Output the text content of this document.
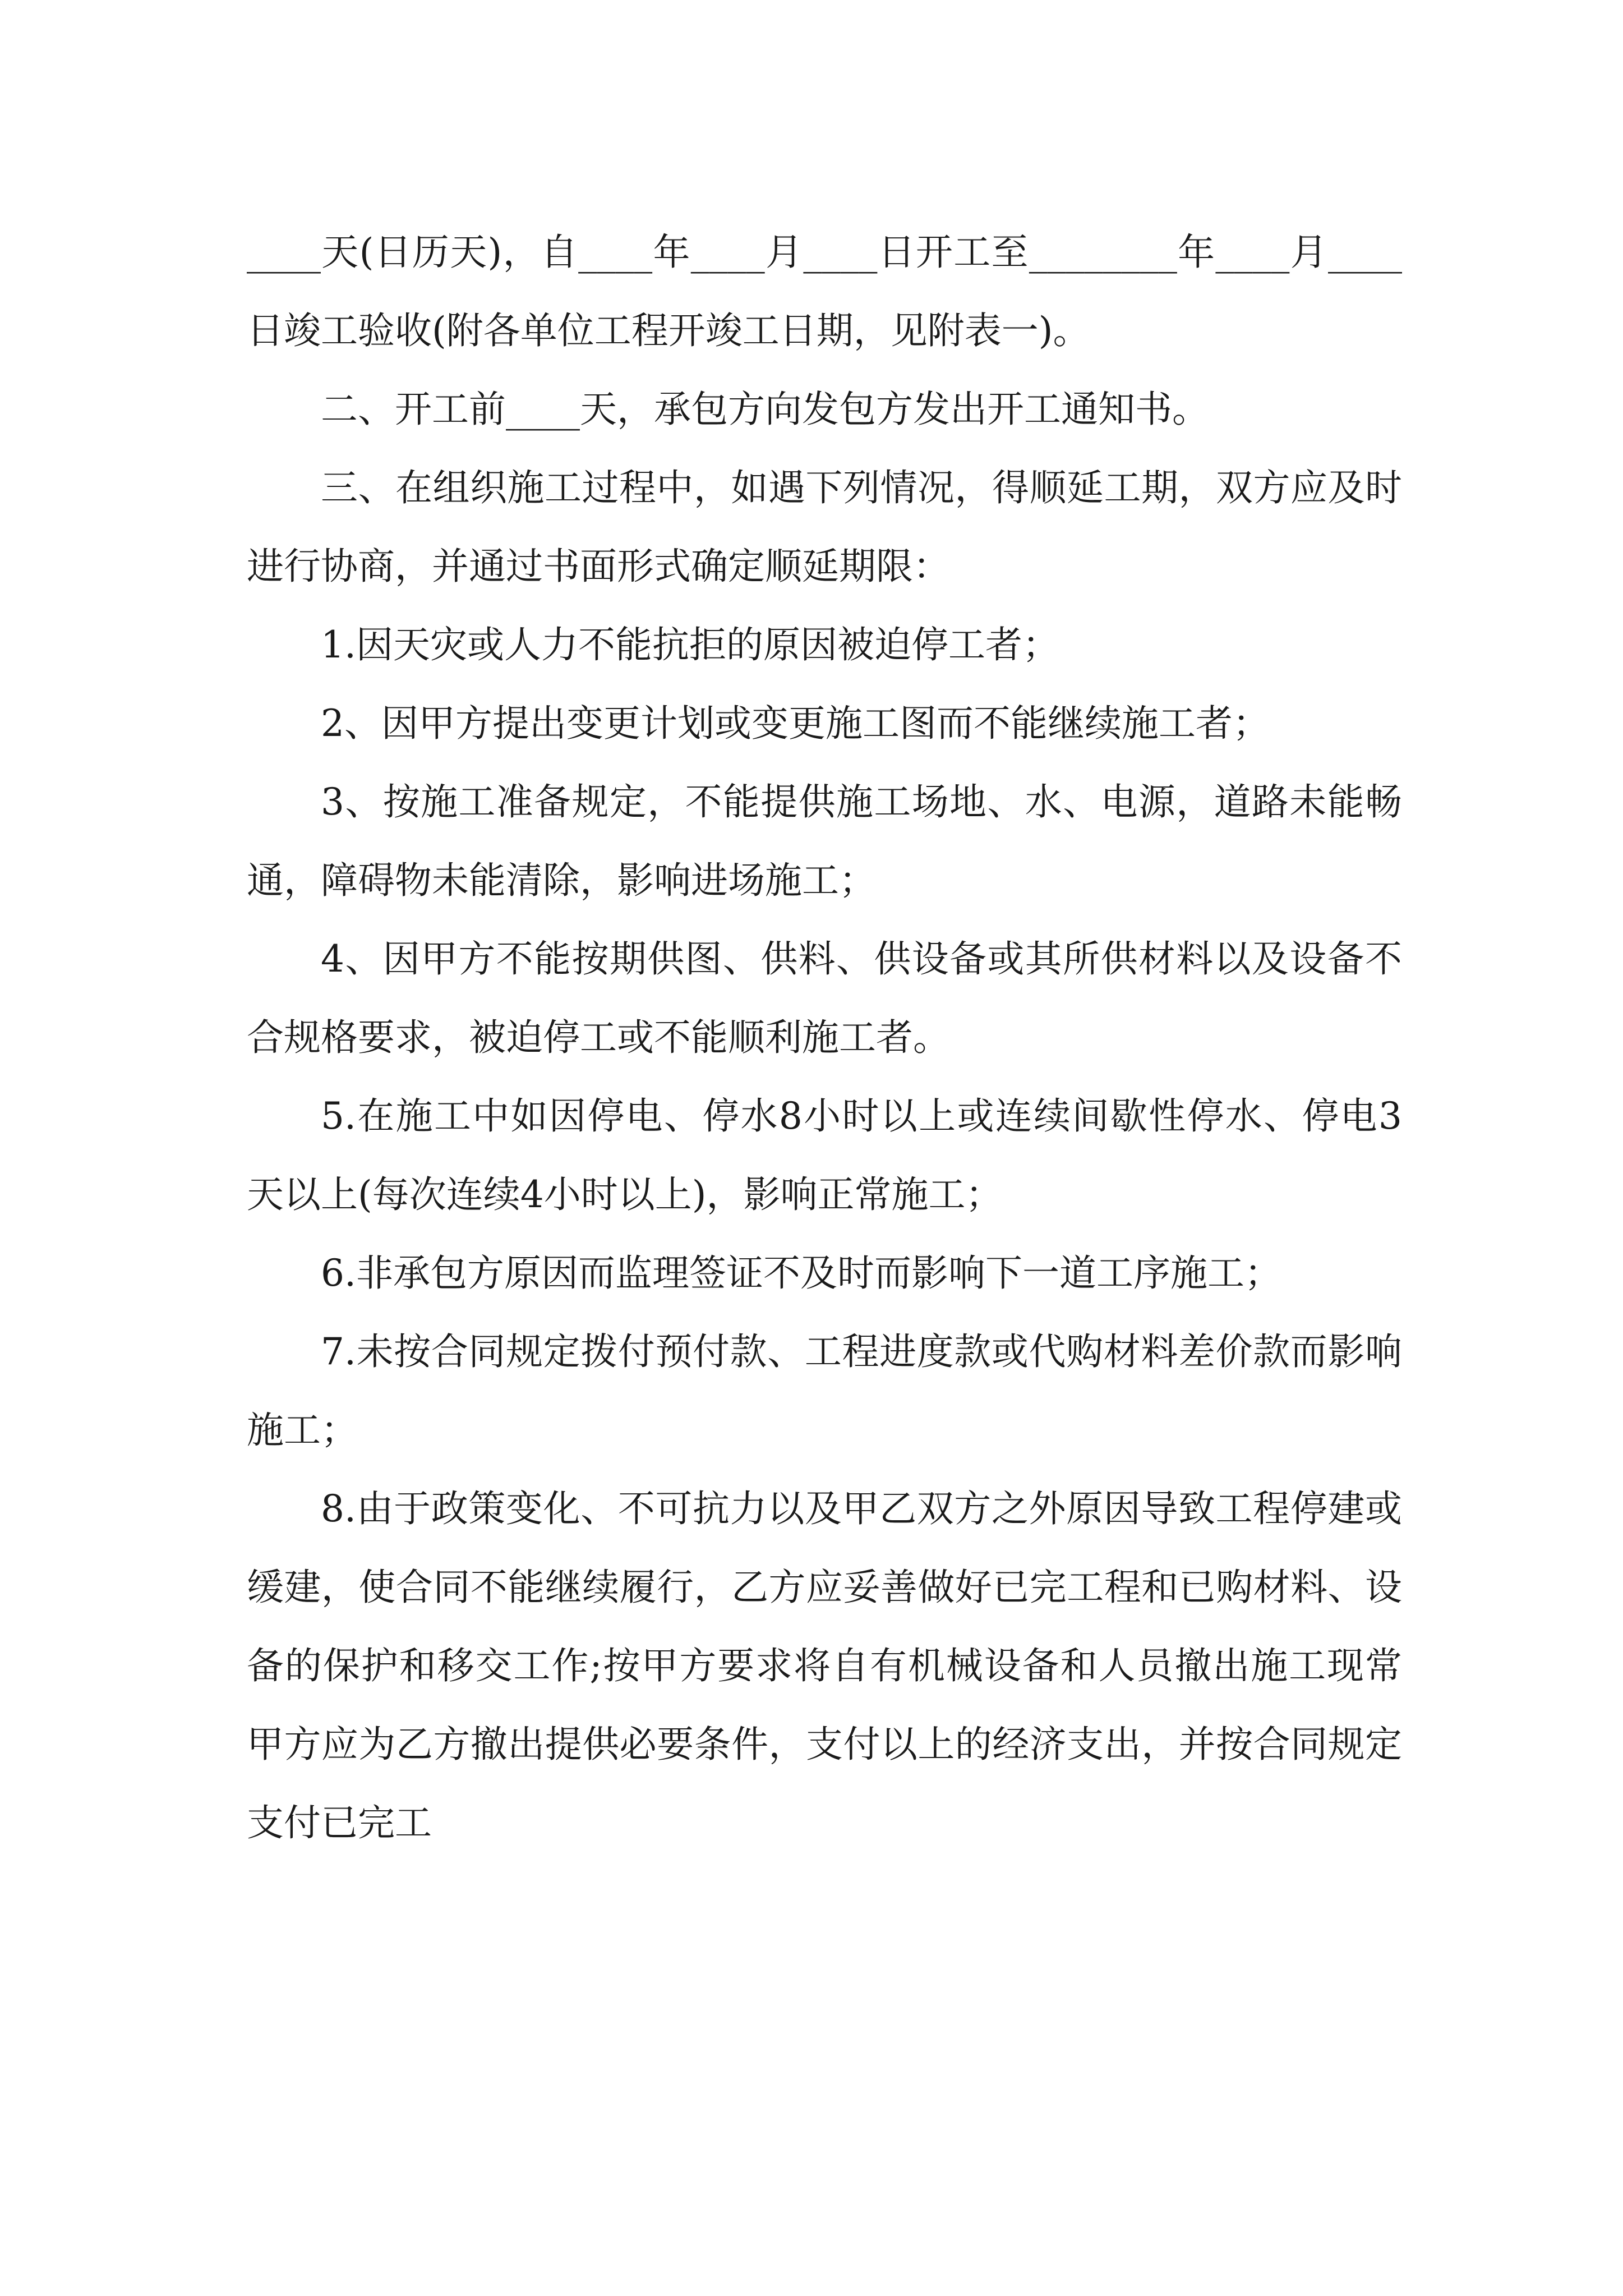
____天(日历天)，自____年____月____日开工至________年____月____日竣工验收(附各单位工程开竣工日期，见附表一)。

二、开工前____天，承包方向发包方发出开工通知书。

三、在组织施工过程中，如遇下列情况，得顺延工期，双方应及时进行协商，并通过书面形式确定顺延期限：

1.因天灾或人力不能抗拒的原因被迫停工者；

2、因甲方提出变更计划或变更施工图而不能继续施工者；

3、按施工准备规定，不能提供施工场地、水、电源，道路未能畅通，障碍物未能清除，影响进场施工；

4、因甲方不能按期供图、供料、供设备或其所供材料以及设备不合规格要求，被迫停工或不能顺利施工者。

5.在施工中如因停电、停水8小时以上或连续间歇性停水、停电3天以上(每次连续4小时以上)，影响正常施工；

6.非承包方原因而监理签证不及时而影响下一道工序施工；

7.未按合同规定拨付预付款、工程进度款或代购材料差价款而影响施工；

8.由于政策变化、不可抗力以及甲乙双方之外原因导致工程停建或缓建，使合同不能继续履行，乙方应妥善做好已完工程和已购材料、设备的保护和移交工作;按甲方要求将自有机械设备和人员撤出施工现常甲方应为乙方撤出提供必要条件，支付以上的经济支出，并按合同规定支付已完工
